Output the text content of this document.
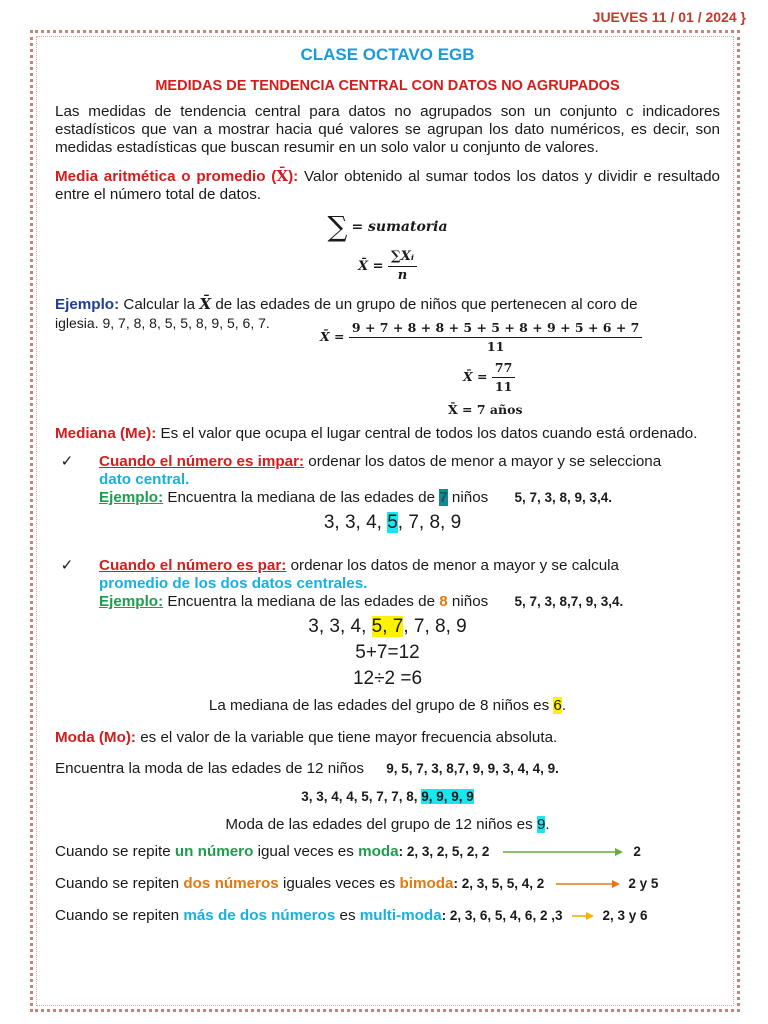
JUEVES 11 / 01 / 2024 }
CLASE OCTAVO EGB
MEDIDAS DE TENDENCIA CENTRAL CON DATOS NO AGRUPADOS
Las medidas de tendencia central para datos no agrupados son un conjunto c indicadores estadísticos que van a mostrar hacia qué valores se agrupan los dato numéricos, es decir, son medidas estadísticas que buscan resumir en un solo valor u conjunto de valores.
Media aritmética o promedio (X̄): Valor obtenido al sumar todos los datos y dividir e resultado entre el número total de datos.
∑ = sumatoria
X̄ = $\frac{\text{∑Xᵢ}}{n}$
Ejemplo: Calcular la X̄ de las edades de un grupo de niños que pertenecen al coro de
iglesia. 9, 7, 8, 8, 5, 5, 8, 9, 5, 6, 7.
X̄ = $\frac{9 + 7 + 8 + 8 + 5 + 5 + 8 + 9 + 5 + 6 + 7}{11}$
X̄ = $\frac{77}{11}$
X̄ = 7 años
Mediana (Me): Es el valor que ocupa el lugar central de todos los datos cuando está ordenado.
✓	Cuando el número es impar: ordenar los datos de menor a mayor y se selecciona
dato central.
Ejemplo: Encuentra la mediana de las edades de 7 niños 5, 7, 3, 8, 9, 3,4.
3, 3, 4, 5, 7, 8, 9
✓	Cuando el número es par: ordenar los datos de menor a mayor y se calcula
promedio de los dos datos centrales.
Ejemplo: Encuentra la mediana de las edades de 8 niños 5, 7, 3, 8,7, 9, 3,4.
3, 3, 4, 5, 7, 7, 8, 9
5+7=12
12÷2 =6
La mediana de las edades del grupo de 8 niños es 6.
Moda (Mo): es el valor de la variable que tiene mayor frecuencia absoluta.
Encuentra la moda de las edades de 12 niños 9, 5, 7, 3, 8,7, 9, 9, 3, 4, 4, 9.
3, 3, 4, 4, 5, 7, 7, 8, 9, 9, 9, 9
Moda de las edades del grupo de 12 niños es 9.
Cuando se repite
un número
igual veces es
moda : 2, 3, 2, 5, 2, 2	2
Cuando se repiten
dos números
iguales veces es
bimoda : 2, 3, 5, 5, 4, 2	2 y 5
Cuando se repiten
más de dos números
es
multi-moda : 2, 3, 6, 5, 4, 6, 2 ,3	2, 3 y 6
